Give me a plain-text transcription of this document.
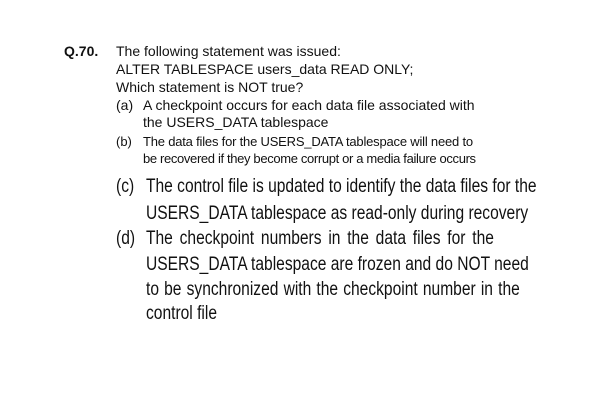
Q.70. The following statement was issued:
ALTER TABLESPACE users_data READ ONLY;
Which statement is NOT true?
(a) A checkpoint occurs for each data file associated with
the USERS_DATA tablespace
(b) The data files for the USERS_DATA tablespace will need to
be recovered if they become corrupt or a media failure occurs
(c) The control file is updated to identify the data files for the
USERS_DATA tablespace as read-only during recovery
(d) The checkpoint numbers in the data files for the
USERS_DATA tablespace are frozen and do NOT need
to be synchronized with the checkpoint number in the
control file
